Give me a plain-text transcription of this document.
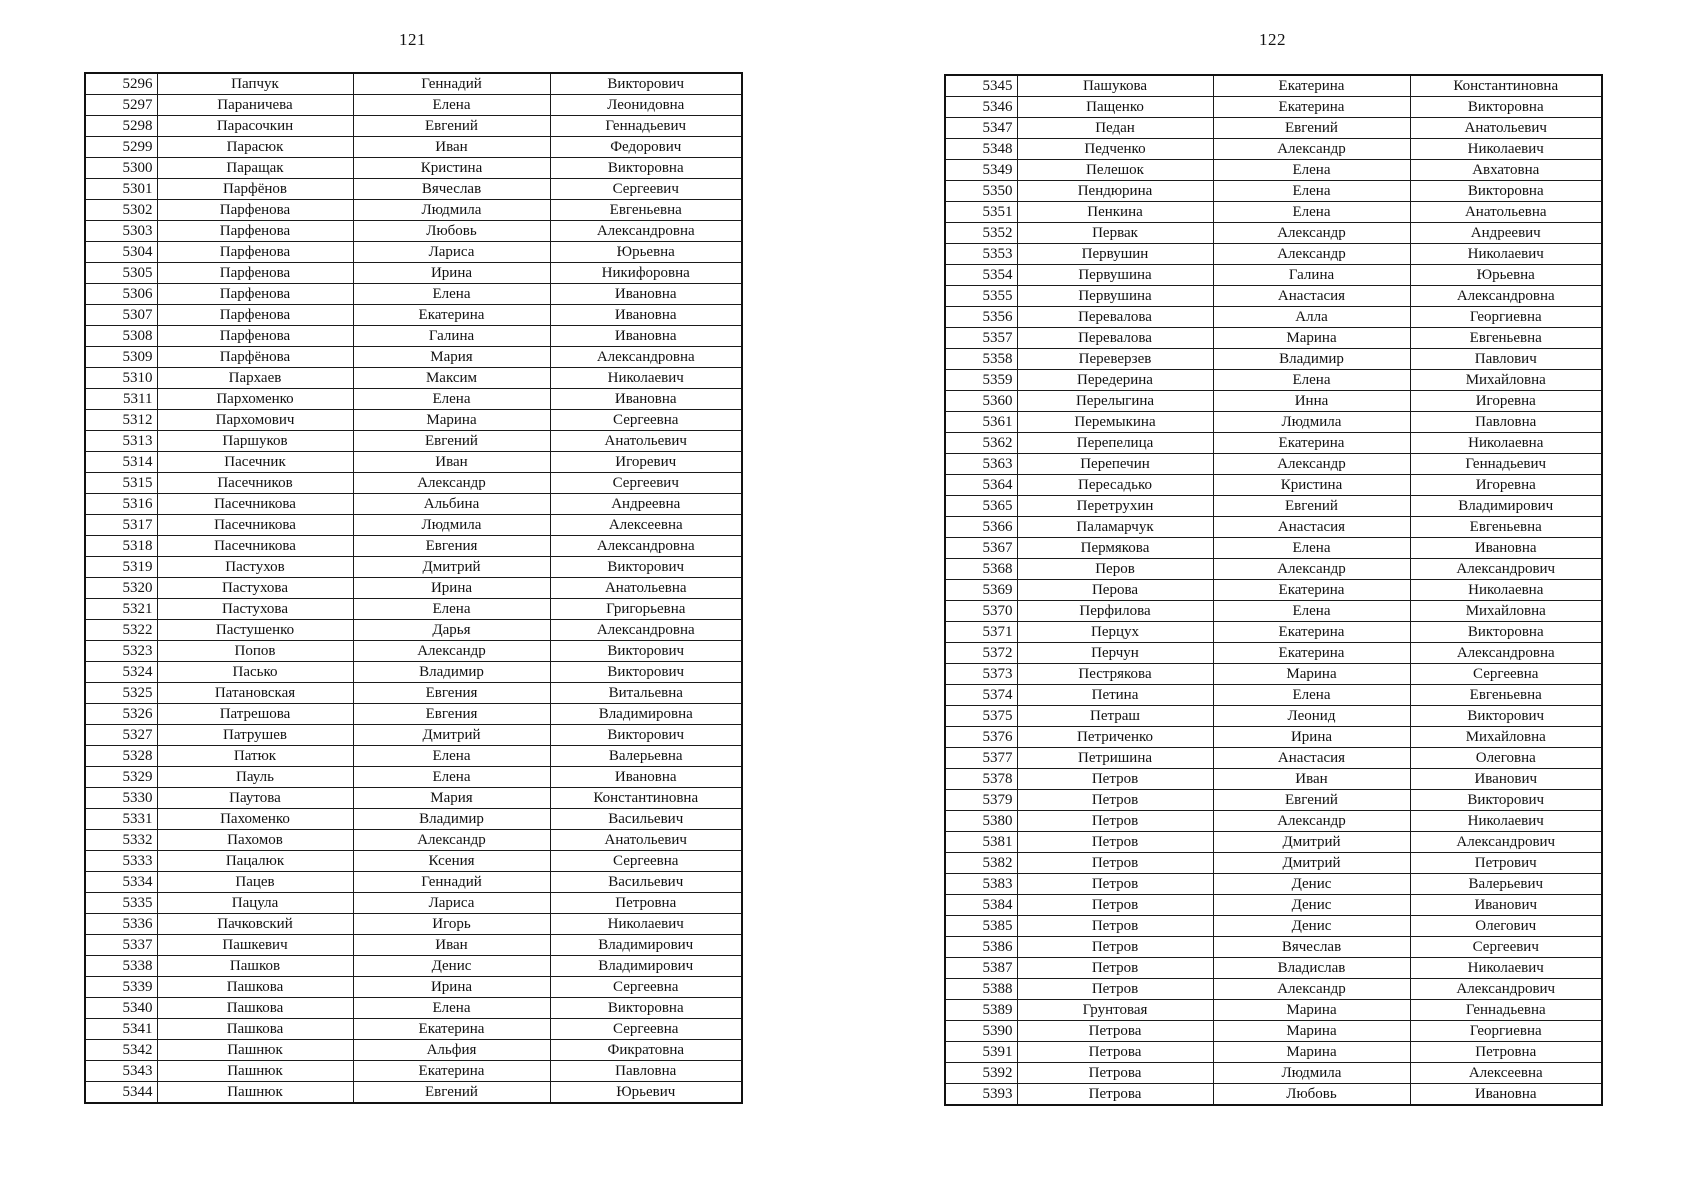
121
5296	Папчук	Геннадий	Викторович
5297	Параничева	Елена	Леонидовна
5298	Парасочкин	Евгений	Геннадьевич
5299	Парасюк	Иван	Федорович
5300	Паращак	Кристина	Викторовна
5301	Парфёнов	Вячеслав	Сергеевич
5302	Парфенова	Людмила	Евгеньевна
5303	Парфенова	Любовь	Александровна
5304	Парфенова	Лариса	Юрьевна
5305	Парфенова	Ирина	Никифоровна
5306	Парфенова	Елена	Ивановна
5307	Парфенова	Екатерина	Ивановна
5308	Парфенова	Галина	Ивановна
5309	Парфёнова	Мария	Александровна
5310	Пархаев	Максим	Николаевич
5311	Пархоменко	Елена	Ивановна
5312	Пархомович	Марина	Сергеевна
5313	Паршуков	Евгений	Анатольевич
5314	Пасечник	Иван	Игоревич
5315	Пасечников	Александр	Сергеевич
5316	Пасечникова	Альбина	Андреевна
5317	Пасечникова	Людмила	Алексеевна
5318	Пасечникова	Евгения	Александровна
5319	Пастухов	Дмитрий	Викторович
5320	Пастухова	Ирина	Анатольевна
5321	Пастухова	Елена	Григорьевна
5322	Пастушенко	Дарья	Александровна
5323	Попов	Александр	Викторович
5324	Пасько	Владимир	Викторович
5325	Патановская	Евгения	Витальевна
5326	Патрешова	Евгения	Владимировна
5327	Патрушев	Дмитрий	Викторович
5328	Патюк	Елена	Валерьевна
5329	Пауль	Елена	Ивановна
5330	Паутова	Мария	Константиновна
5331	Пахоменко	Владимир	Васильевич
5332	Пахомов	Александр	Анатольевич
5333	Пацалюк	Ксения	Сергеевна
5334	Пацев	Геннадий	Васильевич
5335	Пацула	Лариса	Петровна
5336	Пачковский	Игорь	Николаевич
5337	Пашкевич	Иван	Владимирович
5338	Пашков	Денис	Владимирович
5339	Пашкова	Ирина	Сергеевна
5340	Пашкова	Елена	Викторовна
5341	Пашкова	Екатерина	Сергеевна
5342	Пашнюк	Альфия	Фикратовна
5343	Пашнюк	Екатерина	Павловна
5344	Пашнюк	Евгений	Юрьевич
122
5345	Пашукова	Екатерина	Константиновна
5346	Пащенко	Екатерина	Викторовна
5347	Педан	Евгений	Анатольевич
5348	Педченко	Александр	Николаевич
5349	Пелешок	Елена	Авхатовна
5350	Пендюрина	Елена	Викторовна
5351	Пенкина	Елена	Анатольевна
5352	Первак	Александр	Андреевич
5353	Первушин	Александр	Николаевич
5354	Первушина	Галина	Юрьевна
5355	Первушина	Анастасия	Александровна
5356	Перевалова	Алла	Георгиевна
5357	Перевалова	Марина	Евгеньевна
5358	Переверзев	Владимир	Павлович
5359	Передерина	Елена	Михайловна
5360	Перелыгина	Инна	Игоревна
5361	Перемыкина	Людмила	Павловна
5362	Перепелица	Екатерина	Николаевна
5363	Перепечин	Александр	Геннадьевич
5364	Пересадько	Кристина	Игоревна
5365	Перетрухин	Евгений	Владимирович
5366	Паламарчук	Анастасия	Евгеньевна
5367	Пермякова	Елена	Ивановна
5368	Перов	Александр	Александрович
5369	Перова	Екатерина	Николаевна
5370	Перфилова	Елена	Михайловна
5371	Перцух	Екатерина	Викторовна
5372	Перчун	Екатерина	Александровна
5373	Пестрякова	Марина	Сергеевна
5374	Петина	Елена	Евгеньевна
5375	Петраш	Леонид	Викторович
5376	Петриченко	Ирина	Михайловна
5377	Петришина	Анастасия	Олеговна
5378	Петров	Иван	Иванович
5379	Петров	Евгений	Викторович
5380	Петров	Александр	Николаевич
5381	Петров	Дмитрий	Александрович
5382	Петров	Дмитрий	Петрович
5383	Петров	Денис	Валерьевич
5384	Петров	Денис	Иванович
5385	Петров	Денис	Олегович
5386	Петров	Вячеслав	Сергеевич
5387	Петров	Владислав	Николаевич
5388	Петров	Александр	Александрович
5389	Грунтовая	Марина	Геннадьевна
5390	Петрова	Марина	Георгиевна
5391	Петрова	Марина	Петровна
5392	Петрова	Людмила	Алексеевна
5393	Петрова	Любовь	Ивановна
